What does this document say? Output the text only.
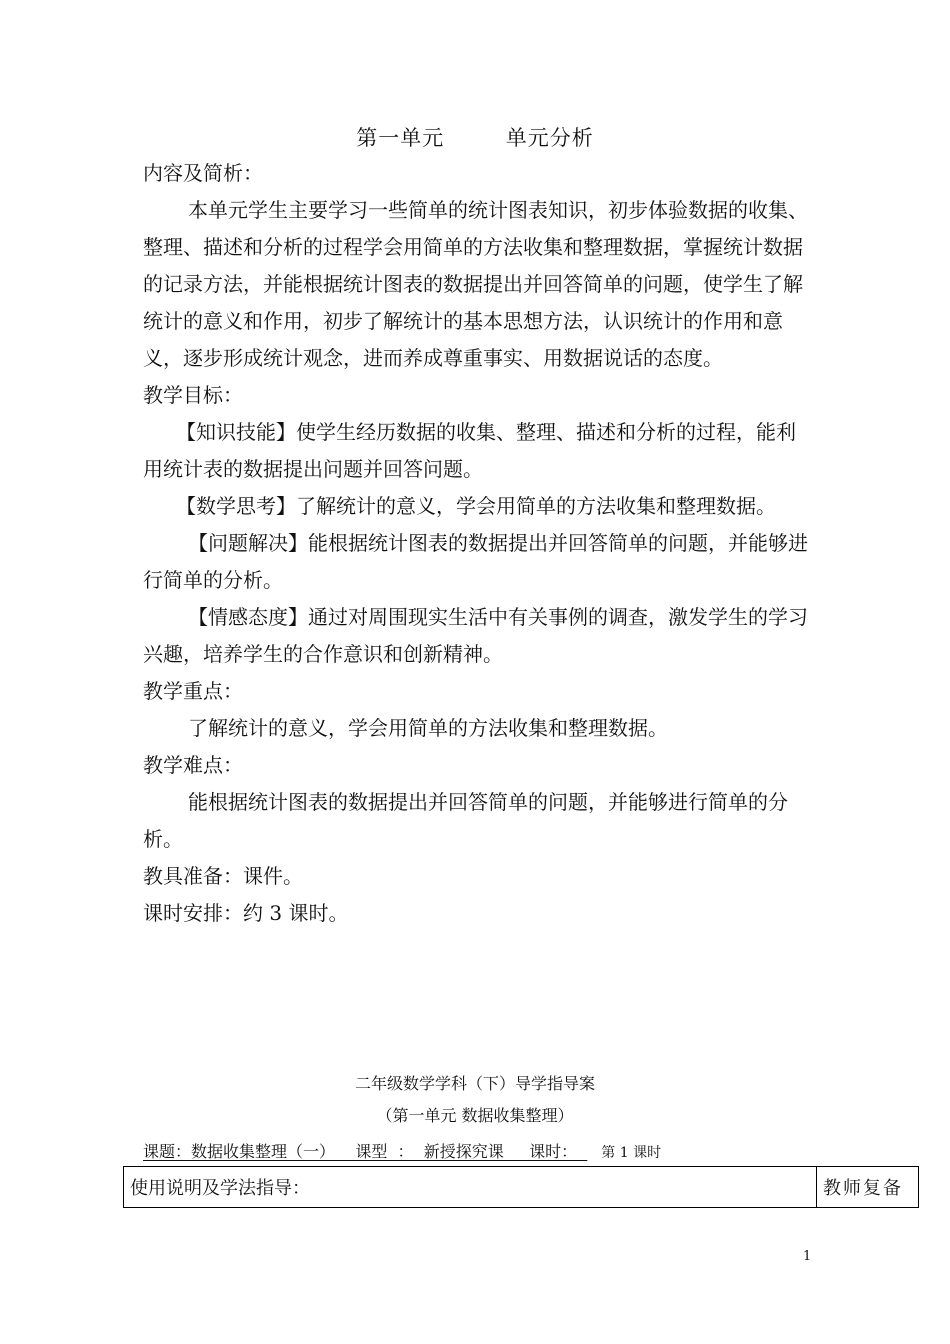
第一单元        单元分析

内容及简析：

本单元学生主要学习一些简单的统计图表知识，初步体验数据的收集、整理、描述和分析的过程学会用简单的方法收集和整理数据，掌握统计数据的记录方法，并能根据统计图表的数据提出并回答简单的问题，使学生了解统计的意义和作用，初步了解统计的基本思想方法，认识统计的作用和意义，逐步形成统计观念，进而养成尊重事实、用数据说话的态度。

教学目标：

【知识技能】使学生经历数据的收集、整理、描述和分析的过程，能利用统计表的数据提出问题并回答问题。

【数学思考】了解统计的意义，学会用简单的方法收集和整理数据。

【问题解决】能根据统计图表的数据提出并回答简单的问题，并能够进行简单的分析。

【情感态度】通过对周围现实生活中有关事例的调查，激发学生的学习兴趣，培养学生的合作意识和创新精神。

教学重点：

了解统计的意义，学会用简单的方法收集和整理数据。

教学难点：

能根据统计图表的数据提出并回答简单的问题，并能够进行简单的分析。

教具准备：课件。

课时安排：约 3 课时。

二年级数学学科（下）导学指导案
（第一单元 数据收集整理）
课题：数据收集整理（一）    课型  ：  新授探究课     课时：  第 1 课时
使用说明及学法指导：	教师复备
1
